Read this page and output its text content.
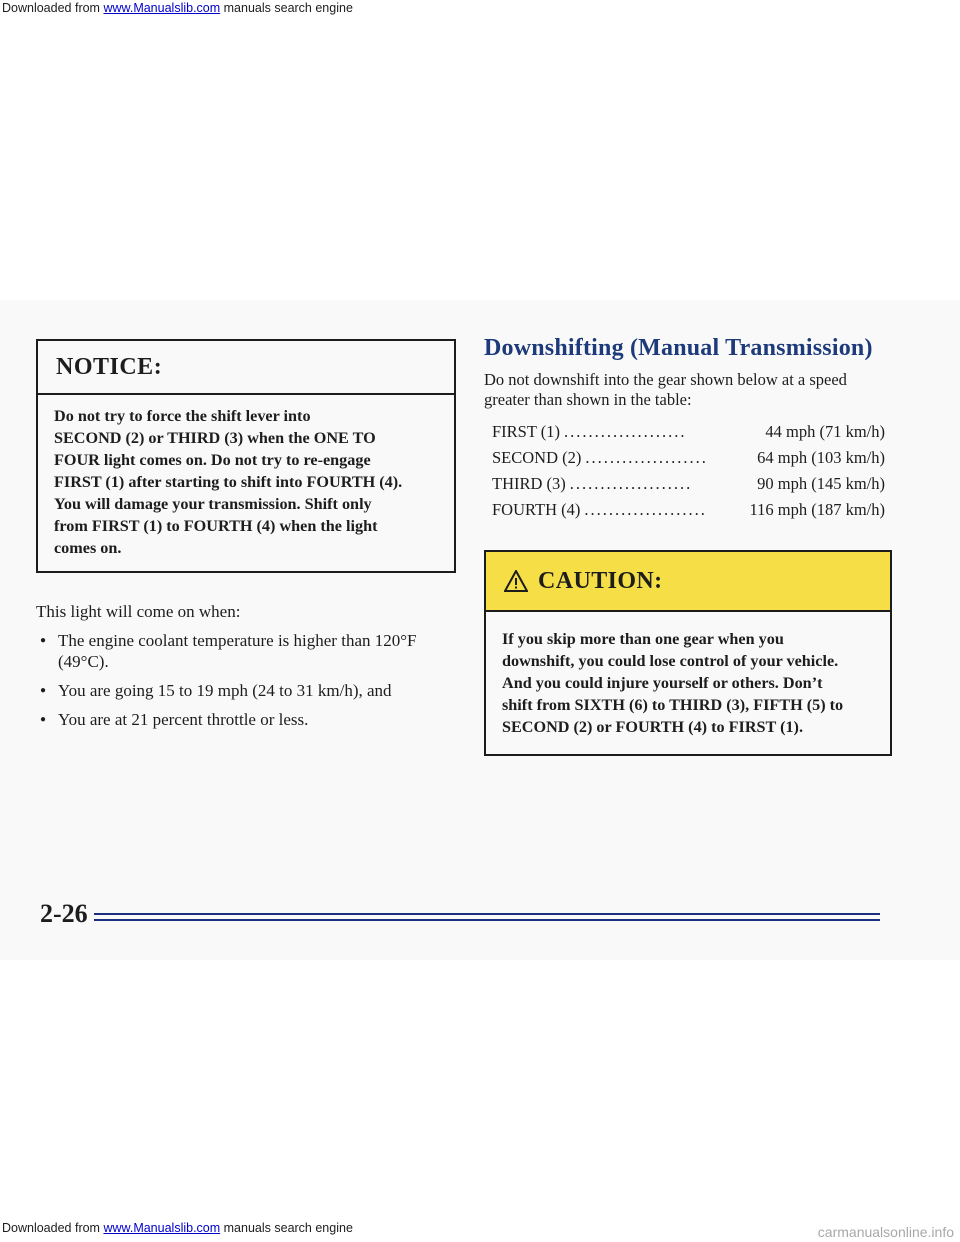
Downloaded from www.Manualslib.com manuals search engine
NOTICE:
Do not try to force the shift lever into
SECOND (2) or THIRD (3) when the ONE TO
FOUR light comes on. Do not try to re-engage
FIRST (1) after starting to shift into FOURTH (4).
You will damage your transmission. Shift only
from FIRST (1) to FOURTH (4) when the light
comes on.
This light will come on when:
● The engine coolant temperature is higher than 120°F (49°C).
● You are going 15 to 19 mph (24 to 31 km/h), and
● You are at 21 percent throttle or less.
Downshifting (Manual Transmission)
Do not downshift into the gear shown below at a speed greater than shown in the table:
FIRST (1) ....................	44 mph (71 km/h)
SECOND (2) ....................	64 mph (103 km/h)
THIRD (3) ....................	90 mph (145 km/h)
FOURTH (4) ....................	116 mph (187 km/h)
CAUTION:
If you skip more than one gear when you
downshift, you could lose control of your vehicle.
And you could injure yourself or others. Don’t
shift from SIXTH (6) to THIRD (3), FIFTH (5) to
SECOND (2) or FOURTH (4) to FIRST (1).
2-26
Downloaded from www.Manualslib.com manuals search engine	carmanualsonline.info
